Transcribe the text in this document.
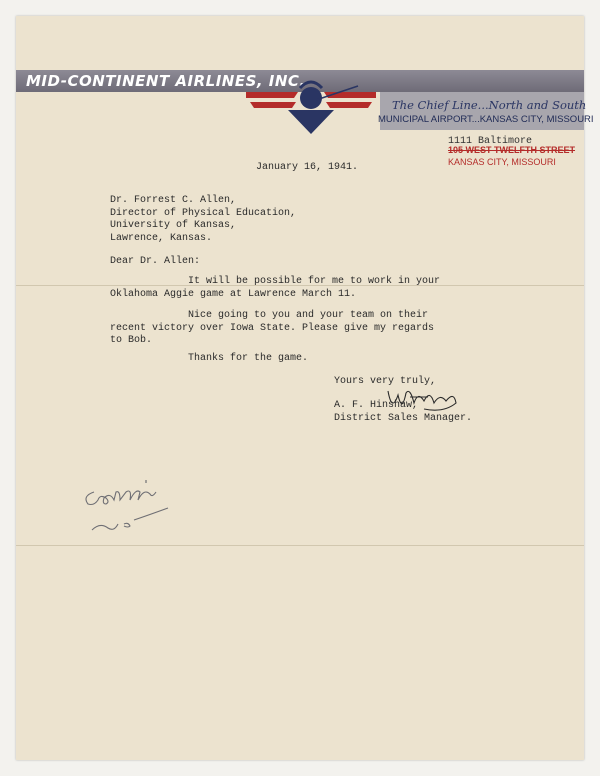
MID-CONTINENT AIRLINES, INC.
The Chief Line...North and South
MUNICIPAL AIRPORT...KANSAS CITY, MISSOURI
1111 Baltimore
105 WEST TWELFTH STREET
KANSAS CITY, MISSOURI
January 16, 1941.
Dr. Forrest C. Allen,
Director of Physical Education,
University of Kansas,
Lawrence, Kansas.
Dear Dr. Allen:
It will be possible for me to work in your
Oklahoma Aggie game at Lawrence March 11.
Nice going to you and your team on their
recent victory over Iowa State. Please give my regards
to Bob.
Thanks for the game.
Yours very truly,
A. F. Hinshaw,
District Sales Manager.
